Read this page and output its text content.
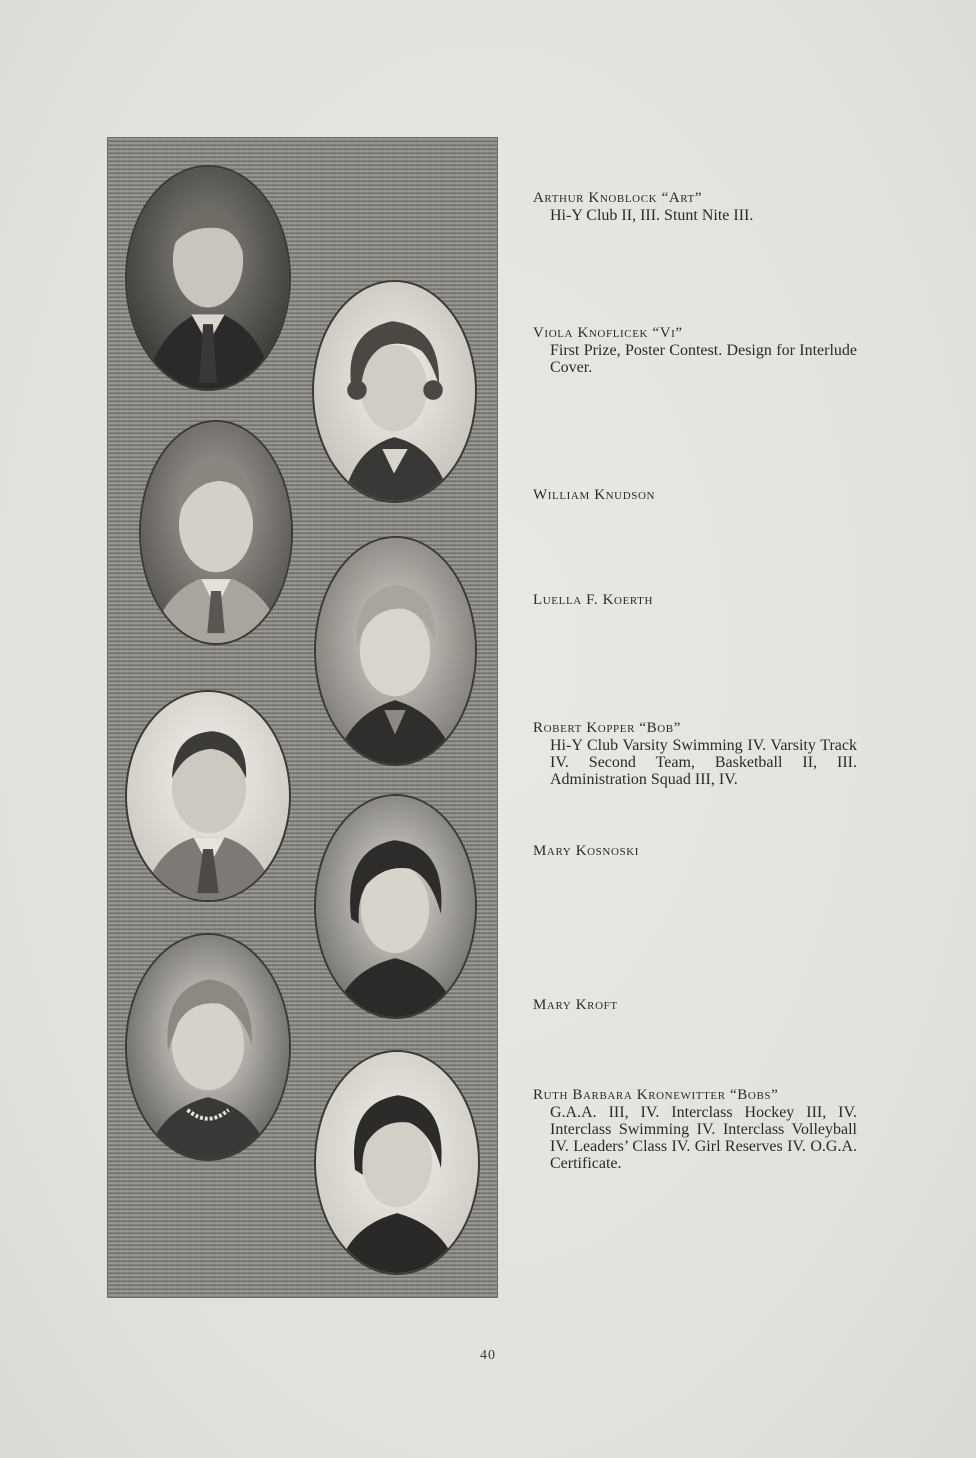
Arthur Knoblock “Art”
Hi-Y Club II, III. Stunt Nite III.
Viola Knoflicek “Vi”
First Prize, Poster Contest. Design for Interlude Cover.
William Knudson
Luella F. Koerth
Robert Kopper “Bob”
Hi-Y Club Varsity Swimming IV. Varsity Track IV. Second Team, Basketball II, III. Administration Squad III, IV.
Mary Kosnoski
Mary Kroft
Ruth Barbara Kronewitter “Bobs”
G.A.A. III, IV. Interclass Hockey III, IV. Interclass Swimming IV. Interclass Volleyball IV. Leaders’ Class IV. Girl Reserves IV. O.G.A. Certificate.
40
